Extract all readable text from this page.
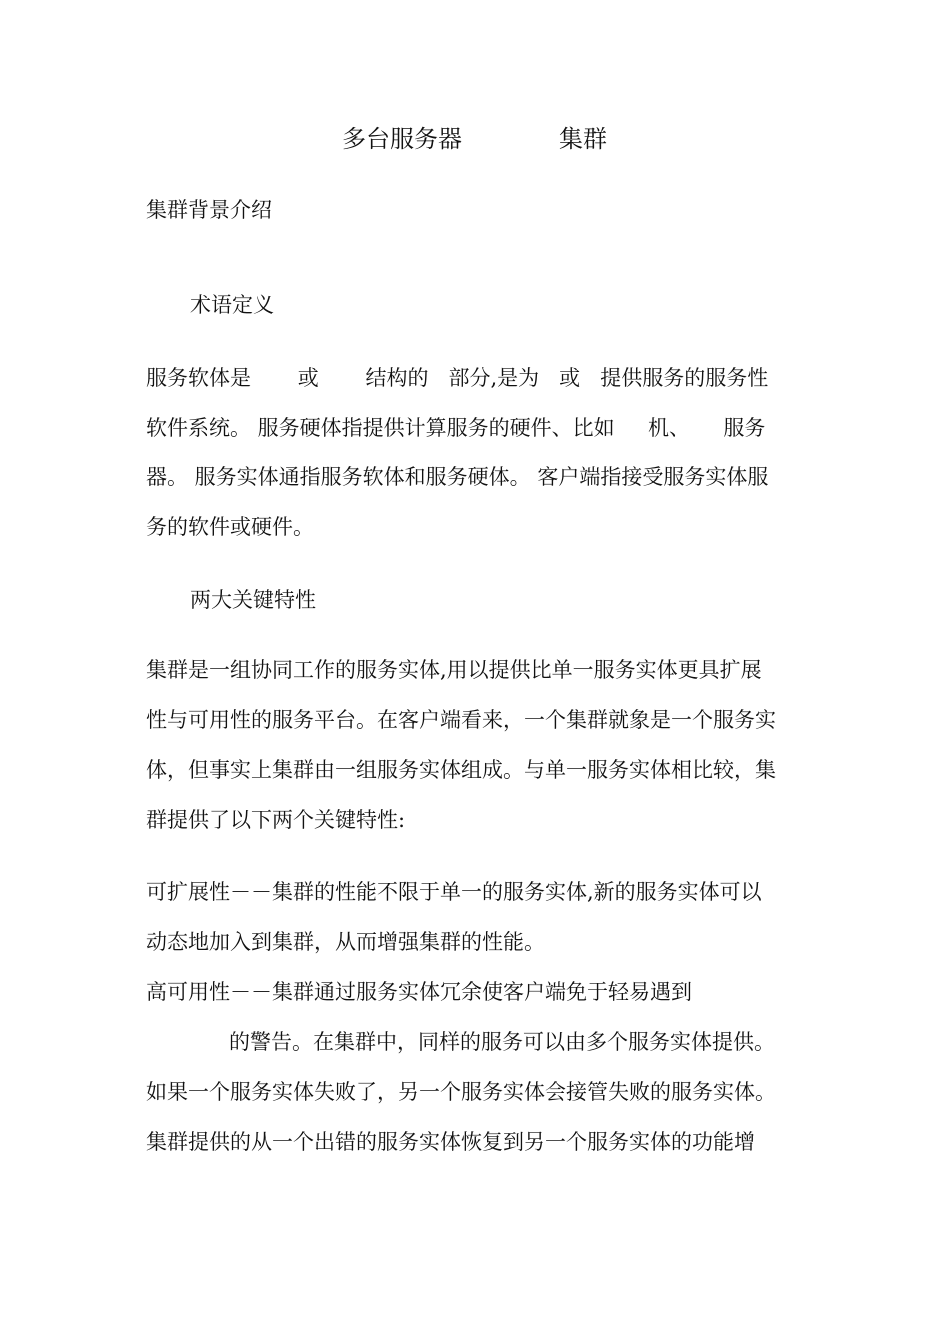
多台服务器	集群
集群背景介绍
术语定义
服务软体是       或       结构的   部分,是为   或   提供服务的服务性
软件系统。 服务硬体指提供计算服务的硬件、比如     机、     服务
器。 服务实体通指服务软体和服务硬体。 客户端指接受服务实体服
务的软件或硬件。
两大关键特性
集群是一组协同工作的服务实体,用以提供比单一服务实体更具扩展
性与可用性的服务平台。在客户端看来，一个集群就象是一个服务实
体，但事实上集群由一组服务实体组成。与单一服务实体相比较，集
群提供了以下两个关键特性:
可扩展性－－集群的性能不限于单一的服务实体,新的服务实体可以
动态地加入到集群，从而增强集群的性能。
高可用性－－集群通过服务实体冗余使客户端免于轻易遇到
的警告。在集群中，同样的服务可以由多个服务实体提供。
如果一个服务实体失败了，另一个服务实体会接管失败的服务实体。
集群提供的从一个出错的服务实体恢复到另一个服务实体的功能增
